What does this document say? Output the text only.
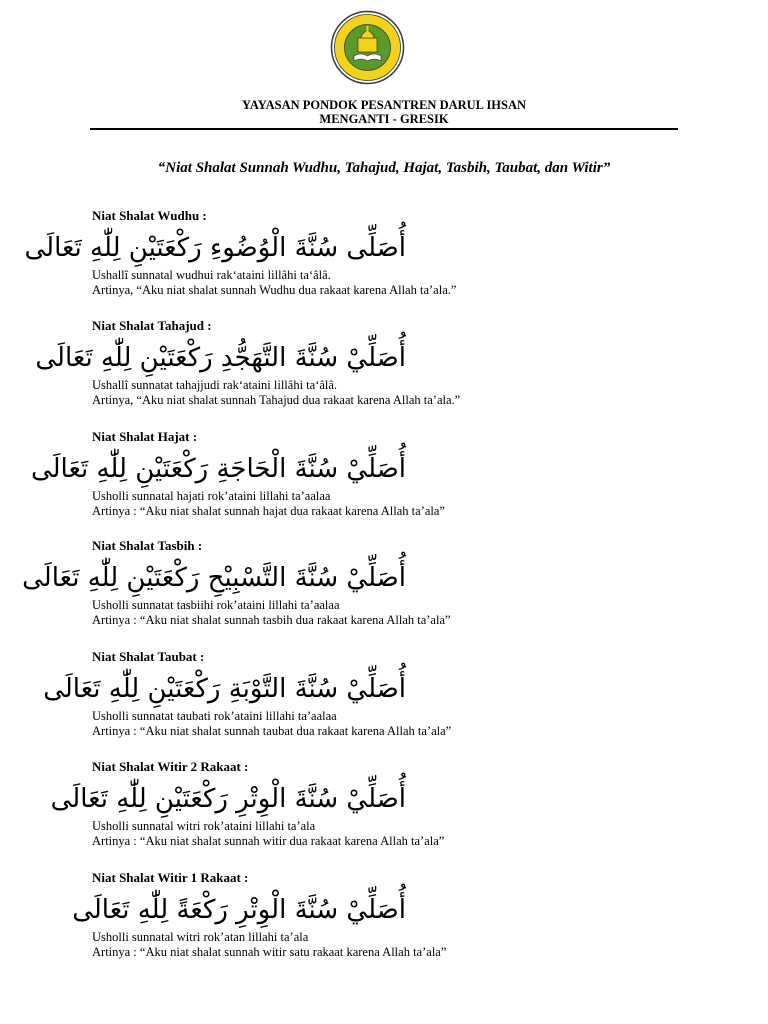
YAYASAN PONDOK PESANTREN DARUL IHSAN
MENGANTI - GRESIK
“Niat Shalat Sunnah Wudhu, Tahajud, Hajat, Tasbih, Taubat, dan Witir”
Niat Shalat Wudhu :
أُصَلِّى سُنَّةَ الْوُضُوءِ رَكْعَتَيْنِ لِلّٰهِ تَعَالَى
Ushallî sunnatal wudhui rak‘ataini lillâhi ta‘âlâ.
Artinya, “Aku niat shalat sunnah Wudhu dua rakaat karena Allah ta’ala.”
Niat Shalat Tahajud :
أُصَلِّيْ سُنَّةَ التَّهَجُّدِ رَكْعَتَيْنِ لِلّٰهِ تَعَالَى
Ushallî sunnatat tahajjudi rak‘ataini lillâhi ta‘âlâ.
Artinya, “Aku niat shalat sunnah Tahajud dua rakaat karena Allah ta’ala.”
Niat Shalat Hajat :
أُصَلِّيْ سُنَّةَ الْحَاجَةِ رَكْعَتَيْنِ لِلّٰهِ تَعَالَى
Usholli sunnatal hajati rok’ataini lillahi ta’aalaa
Artinya : “Aku niat shalat sunnah hajat dua rakaat karena Allah ta’ala”
Niat Shalat Tasbih :
أُصَلِّيْ سُنَّةَ التَّسْبِيْحِ رَكْعَتَيْنِ لِلّٰهِ تَعَالَى
Usholli sunnatat tasbiihi rok’ataini lillahi ta’aalaa
Artinya : “Aku niat shalat sunnah tasbih dua rakaat karena Allah ta’ala”
Niat Shalat Taubat :
أُصَلِّيْ سُنَّةَ التَّوْبَةِ رَكْعَتَيْنِ لِلّٰهِ تَعَالَى
Usholli sunnatat taubati rok’ataini lillahi ta’aalaa
Artinya : “Aku niat shalat sunnah taubat dua rakaat karena Allah ta’ala”
Niat Shalat Witir 2 Rakaat :
أُصَلِّيْ سُنَّةَ الْوِتْرِ رَكْعَتَيْنِ لِلّٰهِ تَعَالَى
Usholli sunnatal witri rok’ataini lillahi ta’ala
Artinya : “Aku niat shalat sunnah witir dua rakaat karena Allah ta’ala”
Niat Shalat Witir 1 Rakaat :
أُصَلِّيْ سُنَّةَ الْوِتْرِ رَكْعَةً لِلّٰهِ تَعَالَى
Usholli sunnatal witri rok’atan lillahi ta’ala
Artinya : “Aku niat shalat sunnah witir satu rakaat karena Allah ta’ala”
